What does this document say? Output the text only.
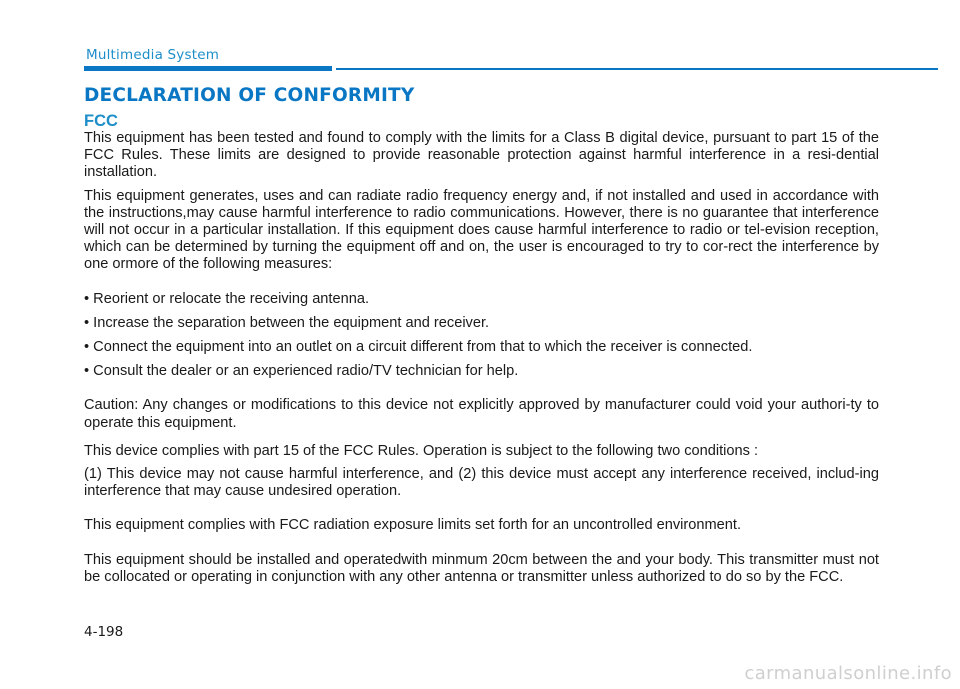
Multimedia System
DECLARATION OF CONFORMITY

FCC

This equipment has been tested and found to comply with the limits for a Class B digital device, pursuant to part 15 of the FCC Rules. These limits are designed to provide reasonable protection against harmful interference in a resi-dential installation.

This equipment generates, uses and can radiate radio frequency energy and, if not installed and used in accordance with the instructions,may cause harmful interference to radio communications. However, there is no guarantee that interference will not occur in a particular installation. If this equipment does cause harmful interference to radio or tel-evision reception, which can be determined by turning the equipment off and on, the user is encouraged to try to cor-rect the interference by one ormore of the following measures:

• Reorient or relocate the receiving antenna.
• Increase the separation between the equipment and receiver.
• Connect the equipment into an outlet on a circuit different from that to which the receiver is connected.
• Consult the dealer or an experienced radio/TV technician for help.

Caution: Any changes or modifications to this device not explicitly approved by manufacturer could void your authori-ty to operate this equipment.

This device complies with part 15 of the FCC Rules. Operation is subject to the following two conditions :

(1) This device may not cause harmful interference, and (2) this device must accept any interference received, includ-ing interference that may cause undesired operation.

This equipment complies with FCC radiation exposure limits set forth for an uncontrolled environment.

This equipment should be installed and operatedwith minmum 20cm between the and your body. This transmitter must not be collocated or operating in conjunction with any other antenna or transmitter unless authorized to do so by the FCC.

4-198
carmanualsonline.info
